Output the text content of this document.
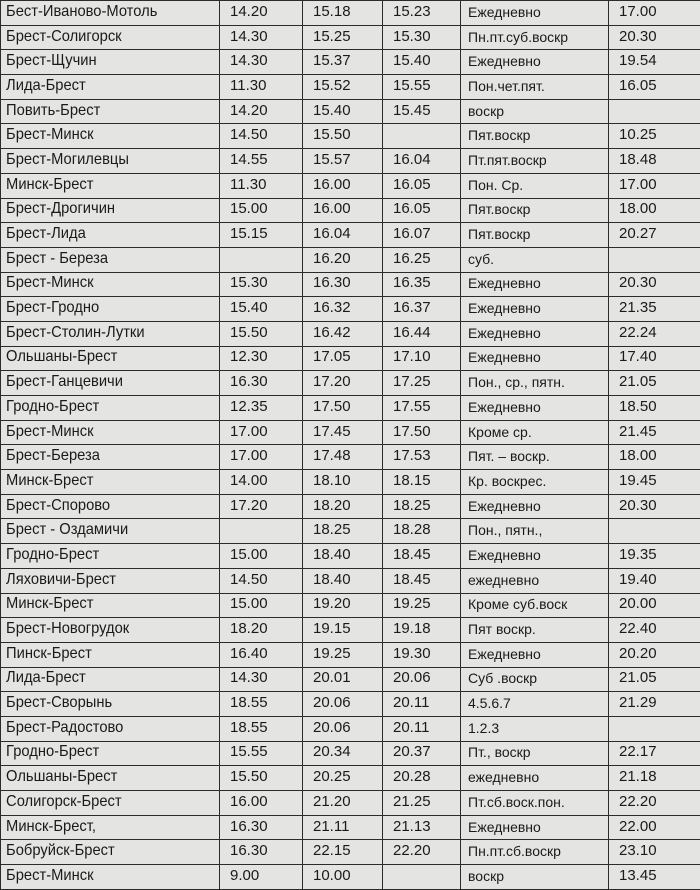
Бест-Иваново-Мотоль	14.20	15.18	15.23	Ежедневно	17.00
Брест-Солигорск	14.30	15.25	15.30	Пн.пт.суб.воскр	20.30
Брест-Щучин	14.30	15.37	15.40	Ежедневно	19.54
Лида-Брест	11.30	15.52	15.55	Пон.чет.пят.	16.05
Повить-Брест	14.20	15.40	15.45	воскр	
Брест-Минск	14.50	15.50		Пят.воскр	10.25
Брест-Могилевцы	14.55	15.57	16.04	Пт.пят.воскр	18.48
Минск-Брест	11.30	16.00	16.05	Пон. Ср.	17.00
Брест-Дрогичин	15.00	16.00	16.05	Пят.воскр	18.00
Брест-Лида	15.15	16.04	16.07	Пят.воскр	20.27
Брест - Береза		16.20	16.25	суб.	
Брест-Минск	15.30	16.30	16.35	Ежедневно	20.30
Брест-Гродно	15.40	16.32	16.37	Ежедневно	21.35
Брест-Столин-Лутки	15.50	16.42	16.44	Ежедневно	22.24
Ольшаны-Брест	12.30	17.05	17.10	Ежедневно	17.40
Брест-Ганцевичи	16.30	17.20	17.25	Пон., ср., пятн.	21.05
Гродно-Брест	12.35	17.50	17.55	Ежедневно	18.50
Брест-Минск	17.00	17.45	17.50	Кроме ср.	21.45
Брест-Береза	17.00	17.48	17.53	Пят. – воскр.	18.00
Минск-Брест	14.00	18.10	18.15	Кр. воскрес.	19.45
Брест-Спорово	17.20	18.20	18.25	Ежедневно	20.30
Брест - Оздамичи		18.25	18.28	Пон., пятн.,	
Гродно-Брест	15.00	18.40	18.45	Ежедневно	19.35
Ляховичи-Брест	14.50	18.40	18.45	ежедневно	19.40
Минск-Брест	15.00	19.20	19.25	Кроме суб.воск	20.00
Брест-Новогрудок	18.20	19.15	19.18	Пят воскр.	22.40
Пинск-Брест	16.40	19.25	19.30	Ежедневно	20.20
Лида-Брест	14.30	20.01	20.06	Суб .воскр	21.05
Брест-Сворынь	18.55	20.06	20.11	4.5.6.7	21.29
Брест-Радостово	18.55	20.06	20.11	1.2.3	
Гродно-Брест	15.55	20.34	20.37	Пт., воскр	22.17
Ольшаны-Брест	15.50	20.25	20.28	ежедневно	21.18
Солигорск-Брест	16.00	21.20	21.25	Пт.сб.воск.пон.	22.20
Минск-Брест,	16.30	21.11	21.13	Ежедневно	22.00
Бобруйск-Брест	16.30	22.15	22.20	Пн.пт.сб.воскр	23.10
Брест-Минск	9.00	10.00		воскр	13.45
